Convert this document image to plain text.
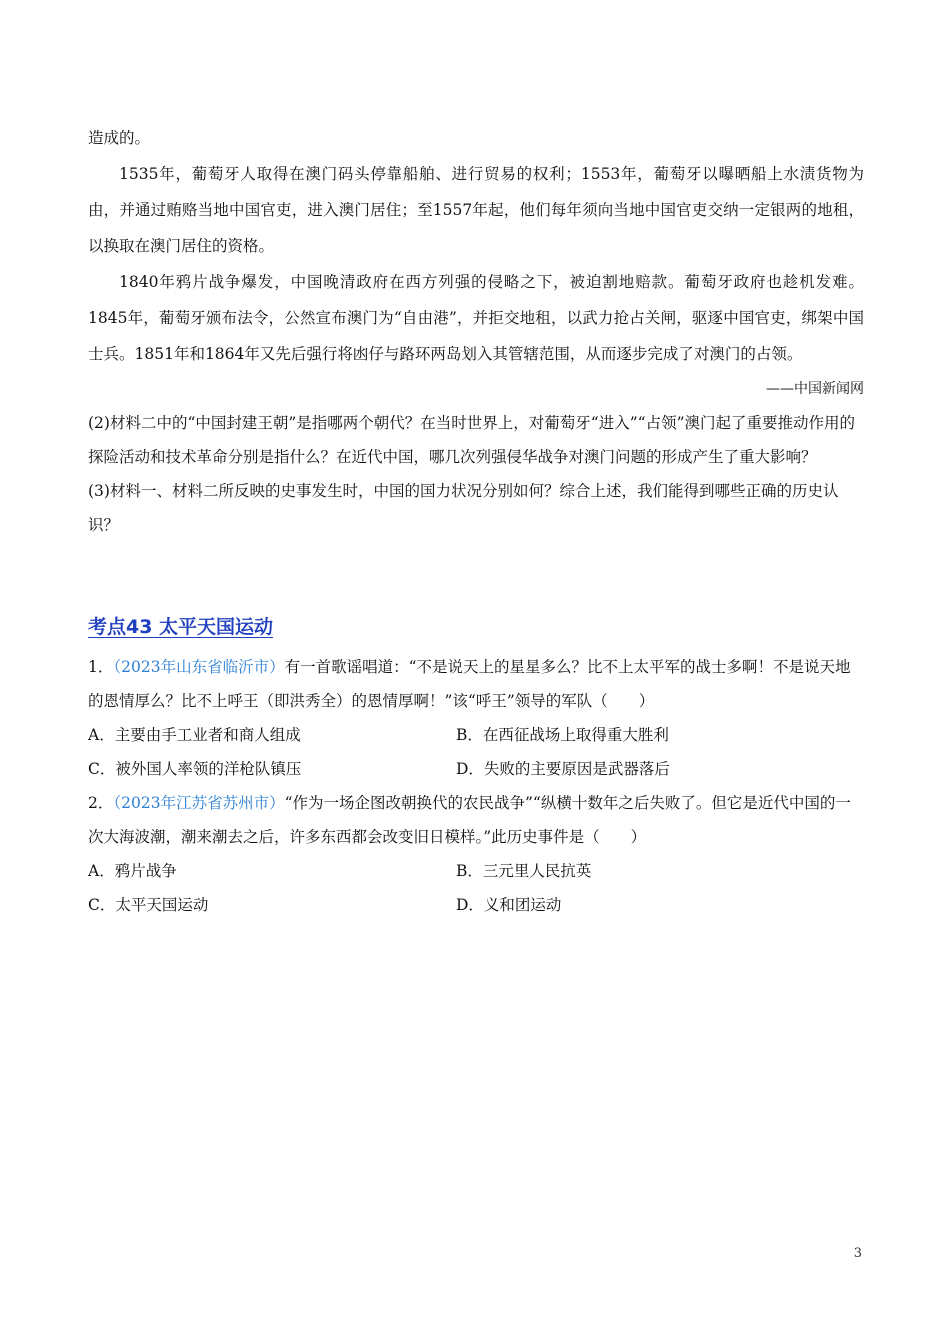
造成的。

1535年，葡萄牙人取得在澳门码头停靠船舶、进行贸易的权利；1553年，葡萄牙以曝晒船上水渍货物为由，并通过贿赂当地中国官吏，进入澳门居住；至1557年起，他们每年须向当地中国官吏交纳一定银两的地租，以换取在澳门居住的资格。

1840年鸦片战争爆发，中国晚清政府在西方列强的侵略之下，被迫割地赔款。葡萄牙政府也趁机发难。1845年，葡萄牙颁布法令，公然宣布澳门为“自由港”，并拒交地租，以武力抢占关闸，驱逐中国官吏，绑架中国士兵。1851年和1864年又先后强行将凼仔与路环两岛划入其管辖范围，从而逐步完成了对澳门的占领。

——中国新闻网

(2)材料二中的“中国封建王朝”是指哪两个朝代？在当时世界上，对葡萄牙“进入”“占领”澳门起了重要推动作用的探险活动和技术革命分别是指什么？在近代中国，哪几次列强侵华战争对澳门问题的形成产生了重大影响？

(3)材料一、材料二所反映的史事发生时，中国的国力状况分别如何？综合上述，我们能得到哪些正确的历史认识？

考点43 太平天国运动

1．（2023年山东省临沂市）有一首歌谣唱道：“不是说天上的星星多么？比不上太平军的战士多啊！不是说天地的恩情厚么？比不上呼王（即洪秀全）的恩情厚啊！”该“呼王”领导的军队（　　）

A．主要由手工业者和商人组成	B．在西征战场上取得重大胜利
C．被外国人率领的洋枪队镇压	D．失败的主要原因是武器落后

2．（2023年江苏省苏州市）“作为一场企图改朝换代的农民战争”“纵横十数年之后失败了。但它是近代中国的一次大海波潮，潮来潮去之后，许多东西都会改变旧日模样。”此历史事件是（　　）

A．鸦片战争	B．三元里人民抗英
C．太平天国运动	D．义和团运动
3
